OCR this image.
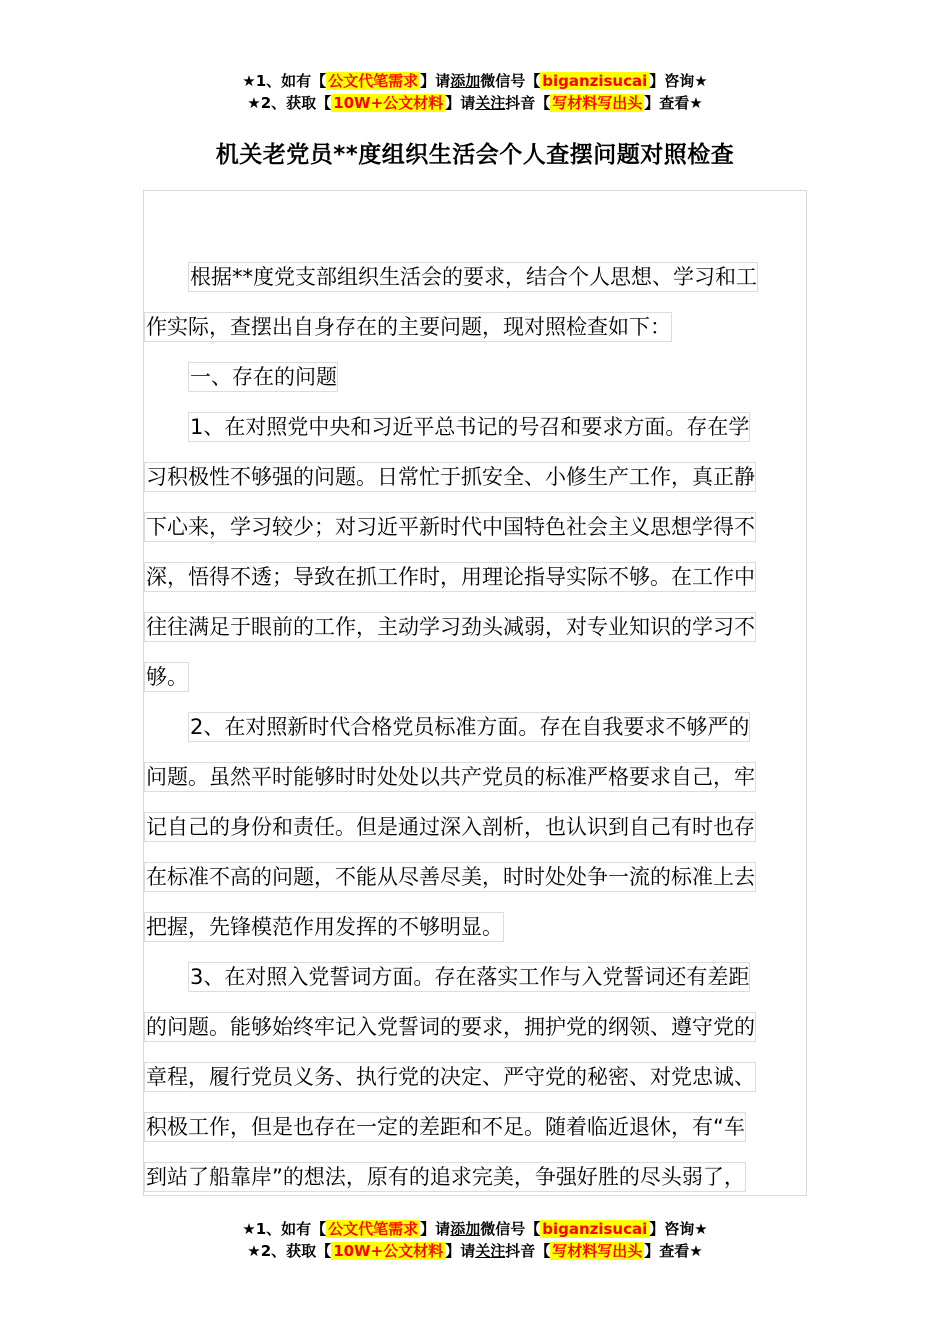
★1、如有【 公文代笔需求 】请添加微信号【 biganzisucai 】咨询★
★2、获取【 10W+公文材料 】请关注抖音【 写材料写出头 】查看★
机关老党员**度组织生活会个人查摆问题对照检查
根据**度党支部组织生活会的要求，结合个人思想、学习和工
作实际，查摆出自身存在的主要问题，现对照检查如下：
一、存在的问题
1、在对照党中央和习近平总书记的号召和要求方面。存在学
习积极性不够强的问题。日常忙于抓安全、小修生产工作，真正静
下心来，学习较少；对习近平新时代中国特色社会主义思想学得不
深，悟得不透；导致在抓工作时，用理论指导实际不够。在工作中
往往满足于眼前的工作，主动学习劲头减弱，对专业知识的学习不
够。
2、在对照新时代合格党员标准方面。存在自我要求不够严的
问题。虽然平时能够时时处处以共产党员的标准严格要求自己，牢
记自己的身份和责任。但是通过深入剖析，也认识到自己有时也存
在标准不高的问题，不能从尽善尽美，时时处处争一流的标准上去
把握，先锋模范作用发挥的不够明显。
3、在对照入党誓词方面。存在落实工作与入党誓词还有差距
的问题。能够始终牢记入党誓词的要求，拥护党的纲领、遵守党的
章程，履行党员义务、执行党的决定、严守党的秘密、对党忠诚、
积极工作，但是也存在一定的差距和不足。随着临近退休，有“车
到站了船靠岸”的想法，原有的追求完美，争强好胜的尽头弱了，
★1、如有【 公文代笔需求 】请添加微信号【 biganzisucai 】咨询★
★2、获取【 10W+公文材料 】请关注抖音【 写材料写出头 】查看★
